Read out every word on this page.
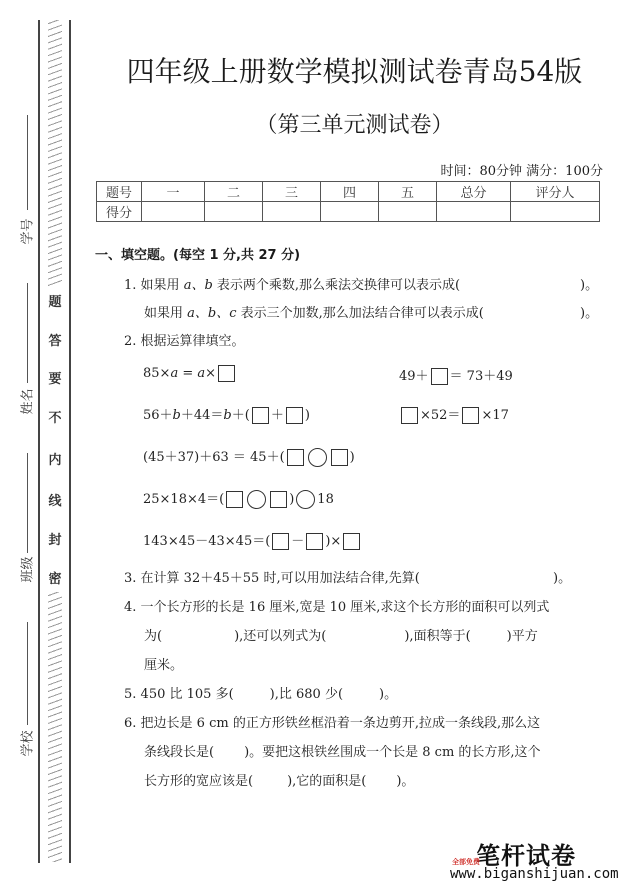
学号
姓名
班级
学校
题
答
要
不
内
线
封
密
四年级上册数学模拟测试卷青岛54版
（第三单元测试卷）
时间：80分钟 满分：100分
题号	一	二	三	四	五	总分	评分人
得分							
一、填空题。(每空 1 分,共 27 分)
1. 如果用 a、b 表示两个乘数,那么乘法交换律可以表示成(	)。
如果用 a、b、c 表示三个加数,那么加法结合律可以表示成(	)。
2. 根据运算律填空。
85×a = a×	49＋ ＝ 73＋49
56＋b＋44＝b＋( ＋ )	×52＝ ×17
(45＋37)＋63 ＝ 45＋(	)
25×18×4＝(	) 18
143×45－43×45＝( － )×
3. 在计算 32＋45＋55 时,可以用加法结合律,先算(	)。
4. 一个长方形的长是 16 厘米,宽是 10 厘米,求这个长方形的面积可以列式
为(	),还可以列式为(	),面积等于(	)平方
厘米。
5. 450 比 105 多(	),比 680 少(	)。
6. 把边长是 6 cm 的正方形铁丝框沿着一条边剪开,拉成一条线段,那么这
条线段长是( )。要把这根铁丝围成一个长是 8 cm 的长方形,这个
长方形的宽应该是(	),它的面积是( )。
笔杆试卷
全部免费
www.biganshijuan.com
